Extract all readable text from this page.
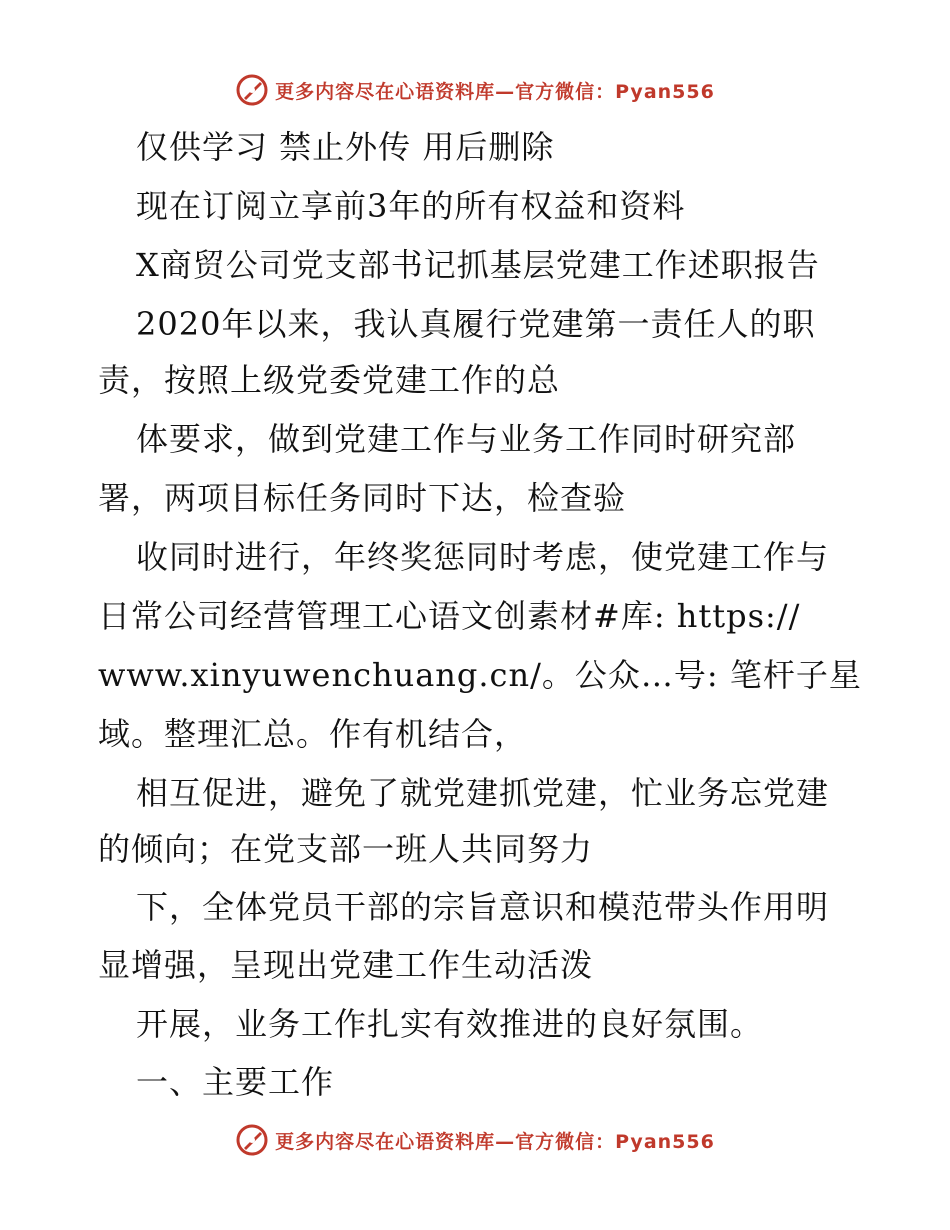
更多内容尽在心语资料库—官方微信：Pyan556
仅供学习 禁止外传 用后删除
现在订阅立享前3年的所有权益和资料
X商贸公司党支部书记抓基层党建工作述职报告
2020年以来，我认真履行党建第一责任人的职
责，按照上级党委党建工作的总
体要求，做到党建工作与业务工作同时研究部
署，两项目标任务同时下达，检查验
收同时进行，年终奖惩同时考虑，使党建工作与
日常公司经营管理工心语文创素材#库: https://
www.xinyuwenchuang.cn/。公众…号: 笔杆子星
域。整理汇总。作有机结合，
相互促进，避免了就党建抓党建，忙业务忘党建
的倾向；在党支部一班人共同努力
下，全体党员干部的宗旨意识和模范带头作用明
显增强，呈现出党建工作生动活泼
开展，业务工作扎实有效推进的良好氛围。
一、主要工作
更多内容尽在心语资料库—官方微信：Pyan556
